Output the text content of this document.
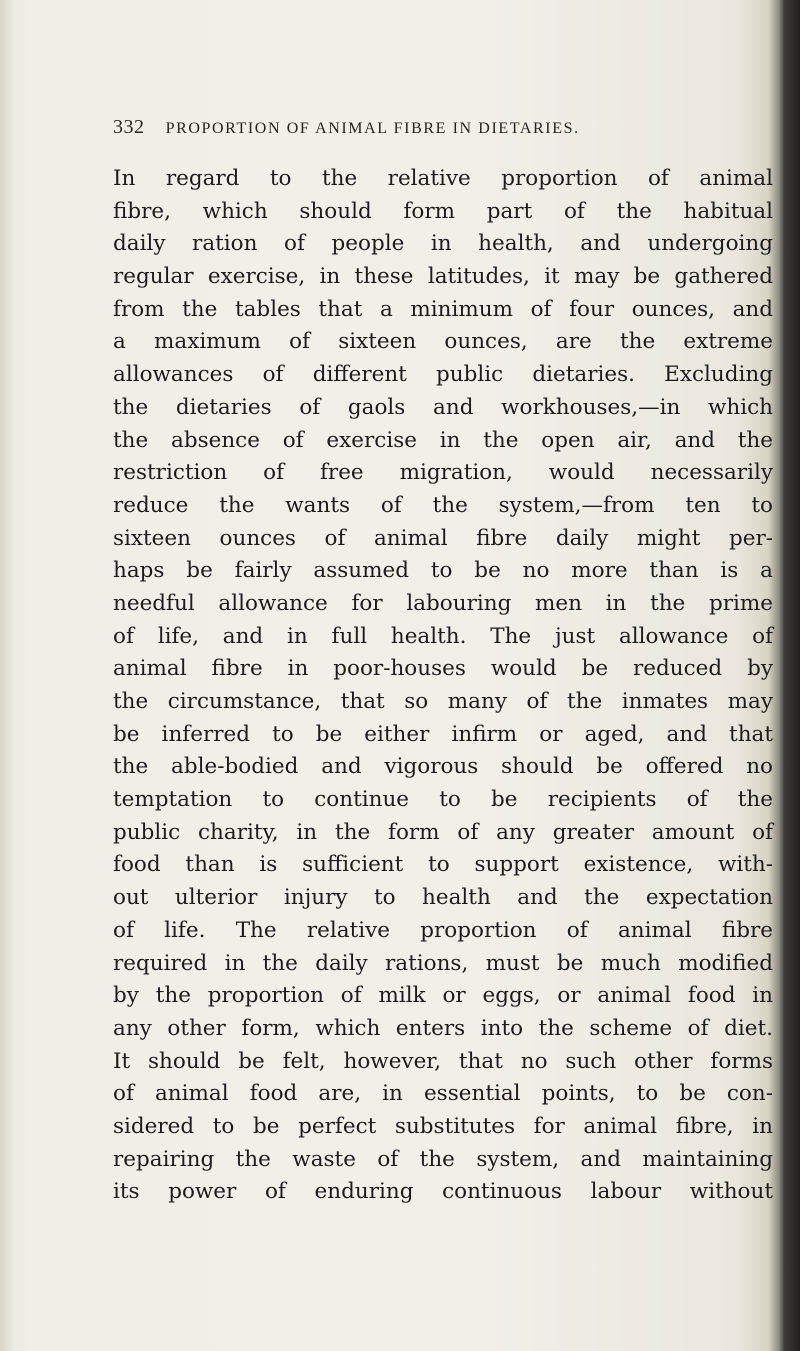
332 PROPORTION OF ANIMAL FIBRE IN DIETARIES.
In regard to the relative proportion of animal
fibre, which should form part of the habitual
daily ration of people in health, and undergoing
regular exercise, in these latitudes, it may be gathered
from the tables that a minimum of four ounces, and
a maximum of sixteen ounces, are the extreme
allowances of different public dietaries. Excluding
the dietaries of gaols and workhouses,—in which
the absence of exercise in the open air, and the
restriction of free migration, would necessarily
reduce the wants of the system,—from ten to
sixteen ounces of animal fibre daily might per-
haps be fairly assumed to be no more than is a
needful allowance for labouring men in the prime
of life, and in full health. The just allowance of
animal fibre in poor-houses would be reduced by
the circumstance, that so many of the inmates may
be inferred to be either infirm or aged, and that
the able-bodied and vigorous should be offered no
temptation to continue to be recipients of the
public charity, in the form of any greater amount of
food than is sufficient to support existence, with-
out ulterior injury to health and the expectation
of life. The relative proportion of animal fibre
required in the daily rations, must be much modified
by the proportion of milk or eggs, or animal food in
any other form, which enters into the scheme of diet.
It should be felt, however, that no such other forms
of animal food are, in essential points, to be con-
sidered to be perfect substitutes for animal fibre, in
repairing the waste of the system, and maintaining
its power of enduring continuous labour without
